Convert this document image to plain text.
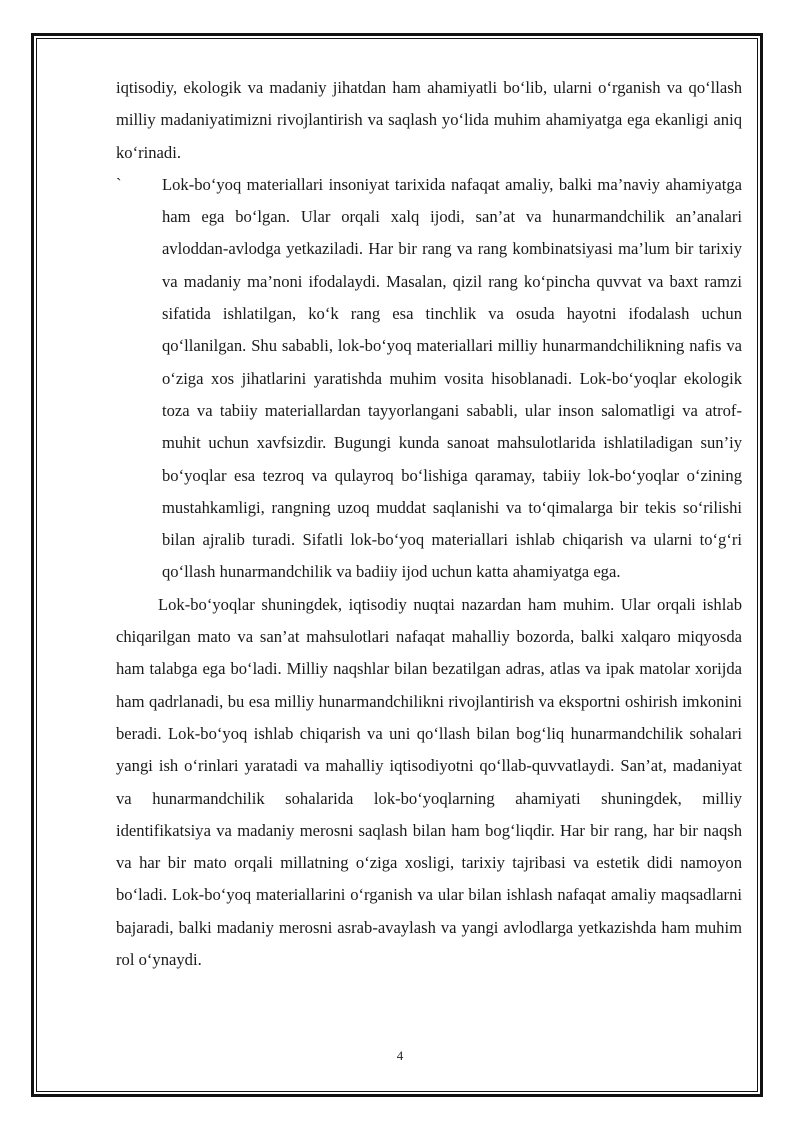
iqtisodiy, ekologik va madaniy jihatdan ham ahamiyatli bo‘lib, ularni o‘rganish va qo‘llash milliy madaniyatimizni rivojlantirish va saqlash yo‘lida muhim ahamiyatga ega ekanligi aniq ko‘rinadi.

`	Lok-bo‘yoq materiallari insoniyat tarixida nafaqat amaliy, balki ma’naviy ahamiyatga ham ega bo‘lgan. Ular orqali xalq ijodi, san’at va hunarmandchilik an’analari avloddan-avlodga yetkaziladi. Har bir rang va rang kombinatsiyasi ma’lum bir tarixiy va madaniy ma’noni ifodalaydi. Masalan, qizil rang ko‘pincha quvvat va baxt ramzi sifatida ishlatilgan, ko‘k rang esa tinchlik va osuda hayotni ifodalash uchun qo‘llanilgan. Shu sababli, lok-bo‘yoq materiallari milliy hunarmandchilikning nafis va o‘ziga xos jihatlarini yaratishda muhim vosita hisoblanadi. Lok-bo‘yoqlar ekologik toza va tabiiy materiallardan tayyorlangani sababli, ular inson salomatligi va atrof-muhit uchun xavfsizdir. Bugungi kunda sanoat mahsulotlarida ishlatiladigan sun’iy bo‘yoqlar esa tezroq va qulayroq bo‘lishiga qaramay, tabiiy lok-bo‘yoqlar o‘zining mustahkamligi, rangning uzoq muddat saqlanishi va to‘qimalarga bir tekis so‘rilishi bilan ajralib turadi. Sifatli lok-bo‘yoq materiallari ishlab chiqarish va ularni to‘g‘ri qo‘llash hunarmandchilik va badiiy ijod uchun katta ahamiyatga ega.

Lok-bo‘yoqlar shuningdek, iqtisodiy nuqtai nazardan ham muhim. Ular orqali ishlab chiqarilgan mato va san’at mahsulotlari nafaqat mahalliy bozorda, balki xalqaro miqyosda ham talabga ega bo‘ladi. Milliy naqshlar bilan bezatilgan adras, atlas va ipak matolar xorijda ham qadrlanadi, bu esa milliy hunarmandchilikni rivojlantirish va eksportni oshirish imkonini beradi. Lok-bo‘yoq ishlab chiqarish va uni qo‘llash bilan bog‘liq hunarmandchilik sohalari yangi ish o‘rinlari yaratadi va mahalliy iqtisodiyotni qo‘llab-quvvatlaydi. San’at, madaniyat va hunarmandchilik sohalarida lok-bo‘yoqlarning ahamiyati shuningdek, milliy identifikatsiya va madaniy merosni saqlash bilan ham bog‘liqdir. Har bir rang, har bir naqsh va har bir mato orqali millatning o‘ziga xosligi, tarixiy tajribasi va estetik didi namoyon bo‘ladi. Lok-bo‘yoq materiallarini o‘rganish va ular bilan ishlash nafaqat amaliy maqsadlarni bajaradi, balki madaniy merosni asrab-avaylash va yangi avlodlarga yetkazishda ham muhim rol o‘ynaydi.

4
